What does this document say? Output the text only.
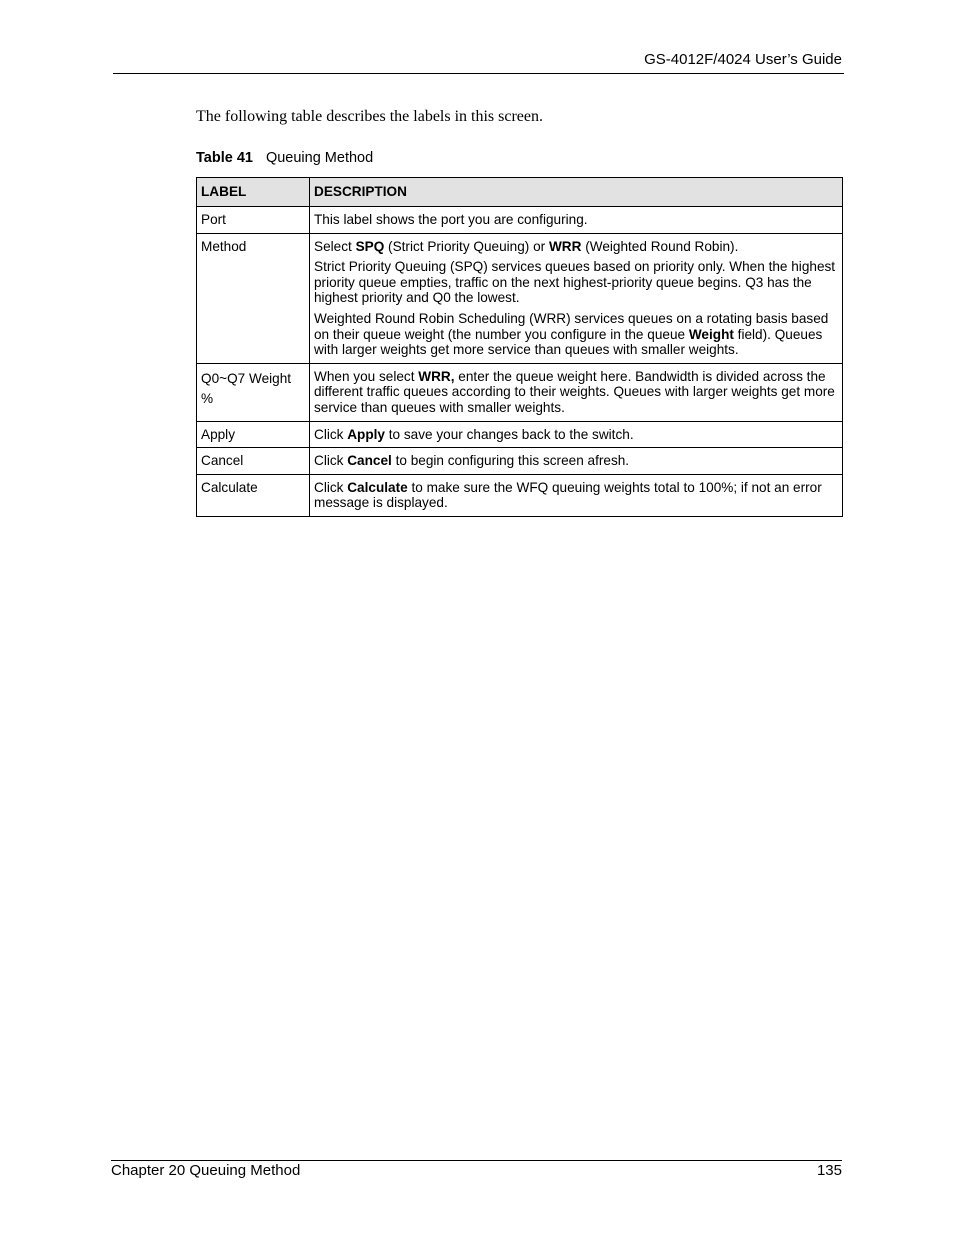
GS-4012F/4024 User’s Guide
The following table describes the labels in this screen.
Table 41 Queuing Method
LABEL	DESCRIPTION
Port	This label shows the port you are configuring.
Method	Select SPQ (Strict Priority Queuing) or WRR (Weighted Round Robin).

Strict Priority Queuing (SPQ) services queues based on priority only. When the highest priority queue empties, traffic on the next highest-priority queue begins. Q3 has the highest priority and Q0 the lowest.

Weighted Round Robin Scheduling (WRR) services queues on a rotating basis based on their queue weight (the number you configure in the queue Weight field). Queues with larger weights get more service than queues with smaller weights.

Q0~Q7 Weight %	When you select WRR, enter the queue weight here. Bandwidth is divided across the different traffic queues according to their weights. Queues with larger weights get more service than queues with smaller weights.
Apply	Click Apply to save your changes back to the switch.
Cancel	Click Cancel to begin configuring this screen afresh.
Calculate	Click Calculate to make sure the WFQ queuing weights total to 100%; if not an error message is displayed.
Chapter 20 Queuing Method	135
